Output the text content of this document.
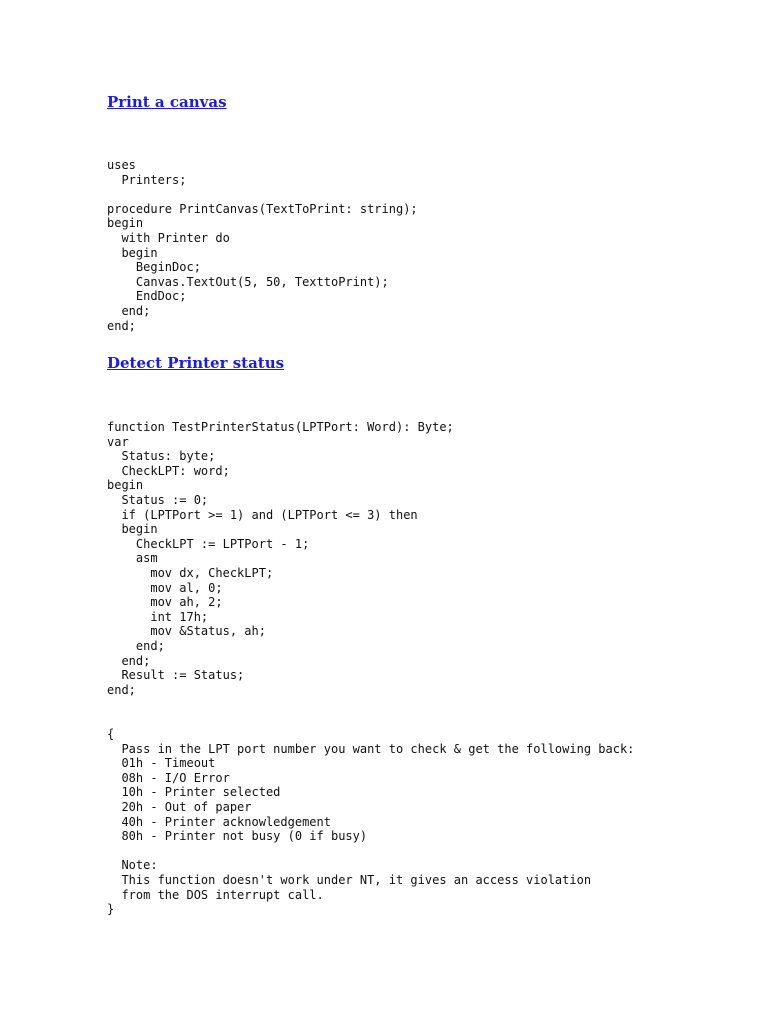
Print a canvas
uses
Printers;
procedure PrintCanvas(TextToPrint: string);
begin
with Printer do
begin
BeginDoc;
Canvas.TextOut(5, 50, TexttoPrint);
EndDoc;
end;
end;
Detect Printer status
function TestPrinterStatus(LPTPort: Word): Byte;
var
Status: byte;
CheckLPT: word;
begin
Status := 0;
if (LPTPort >= 1) and (LPTPort <= 3) then
begin
CheckLPT := LPTPort - 1;
asm
mov dx, CheckLPT;
mov al, 0;
mov ah, 2;
int 17h;
mov &Status, ah;
end;
end;
Result := Status;
end;
{
Pass in the LPT port number you want to check & get the following back:
01h - Timeout
08h - I/O Error
10h - Printer selected
20h - Out of paper
40h - Printer acknowledgement
80h - Printer not busy (0 if busy)
Note:
This function doesn't work under NT, it gives an access violation
from the DOS interrupt call.
}
